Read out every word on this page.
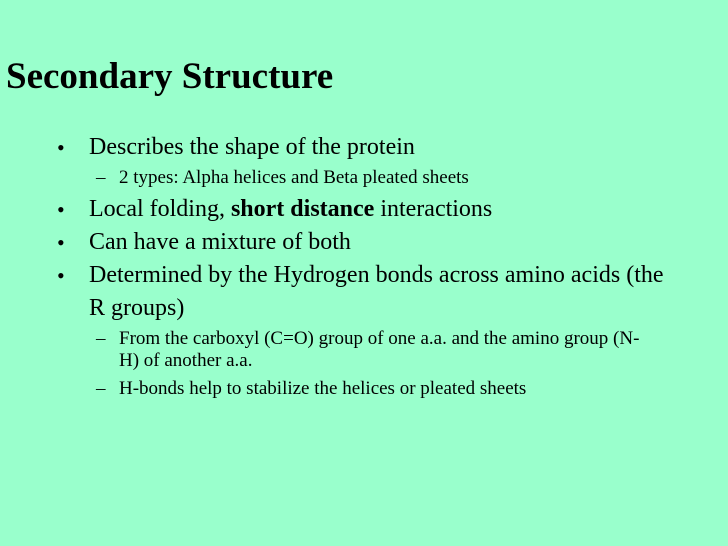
Secondary Structure
• Describes the shape of the protein
– 2 types: Alpha helices and Beta pleated sheets
• Local folding, short distance interactions
• Can have a mixture of both
• Determined by the Hydrogen bonds across amino acids (the R groups)
– From the carboxyl (C=O) group of one a.a. and the amino group (N-H) of another a.a.
– H-bonds help to stabilize the helices or pleated sheets
